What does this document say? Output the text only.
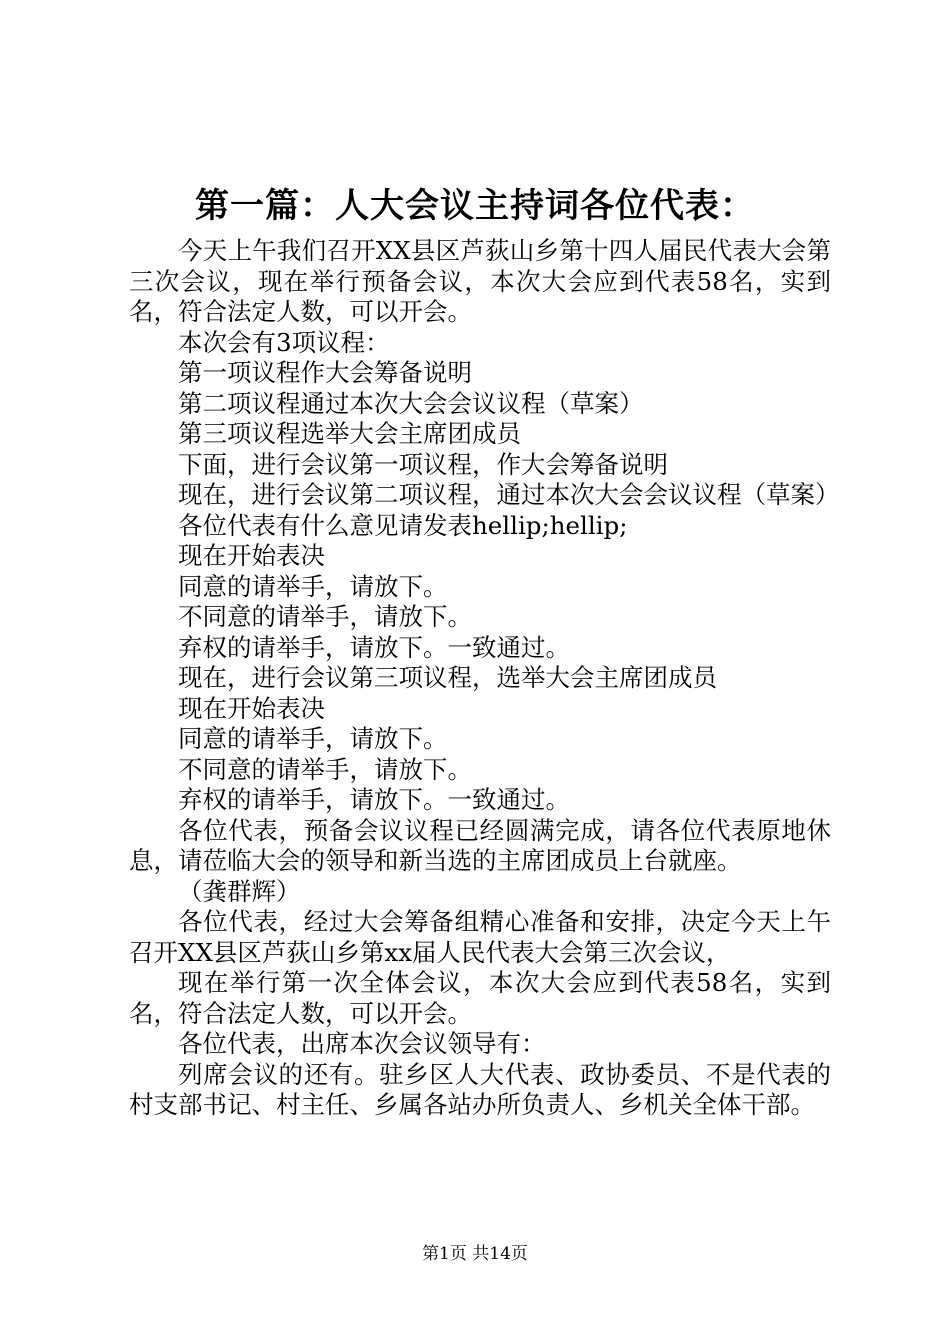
第一篇：人大会议主持词各位代表：

今天上午我们召开XX县区芦荻山乡第十四人届民代表大会第三次会议，现在举行预备会议，本次大会应到代表58名，实到名，符合法定人数，可以开会。

本次会有3项议程：

第一项议程作大会筹备说明

第二项议程通过本次大会会议议程（草案）

第三项议程选举大会主席团成员

下面，进行会议第一项议程，作大会筹备说明

现在，进行会议第二项议程，通过本次大会会议议程（草案）

各位代表有什么意见请发表hellip;hellip;

现在开始表决

同意的请举手，请放下。

不同意的请举手，请放下。

弃权的请举手，请放下。一致通过。

现在，进行会议第三项议程，选举大会主席团成员

现在开始表决

同意的请举手，请放下。

不同意的请举手，请放下。

弃权的请举手，请放下。一致通过。

各位代表，预备会议议程已经圆满完成，请各位代表原地休息，请莅临大会的领导和新当选的主席团成员上台就座。

（龚群辉）

各位代表，经过大会筹备组精心准备和安排，决定今天上午召开XX县区芦荻山乡第xx届人民代表大会第三次会议，

现在举行第一次全体会议，本次大会应到代表58名，实到名，符合法定人数，可以开会。

各位代表，出席本次会议领导有：

列席会议的还有。驻乡区人大代表、政协委员、不是代表的村支部书记、村主任、乡属各站办所负责人、乡机关全体干部。

第1页 共14页
